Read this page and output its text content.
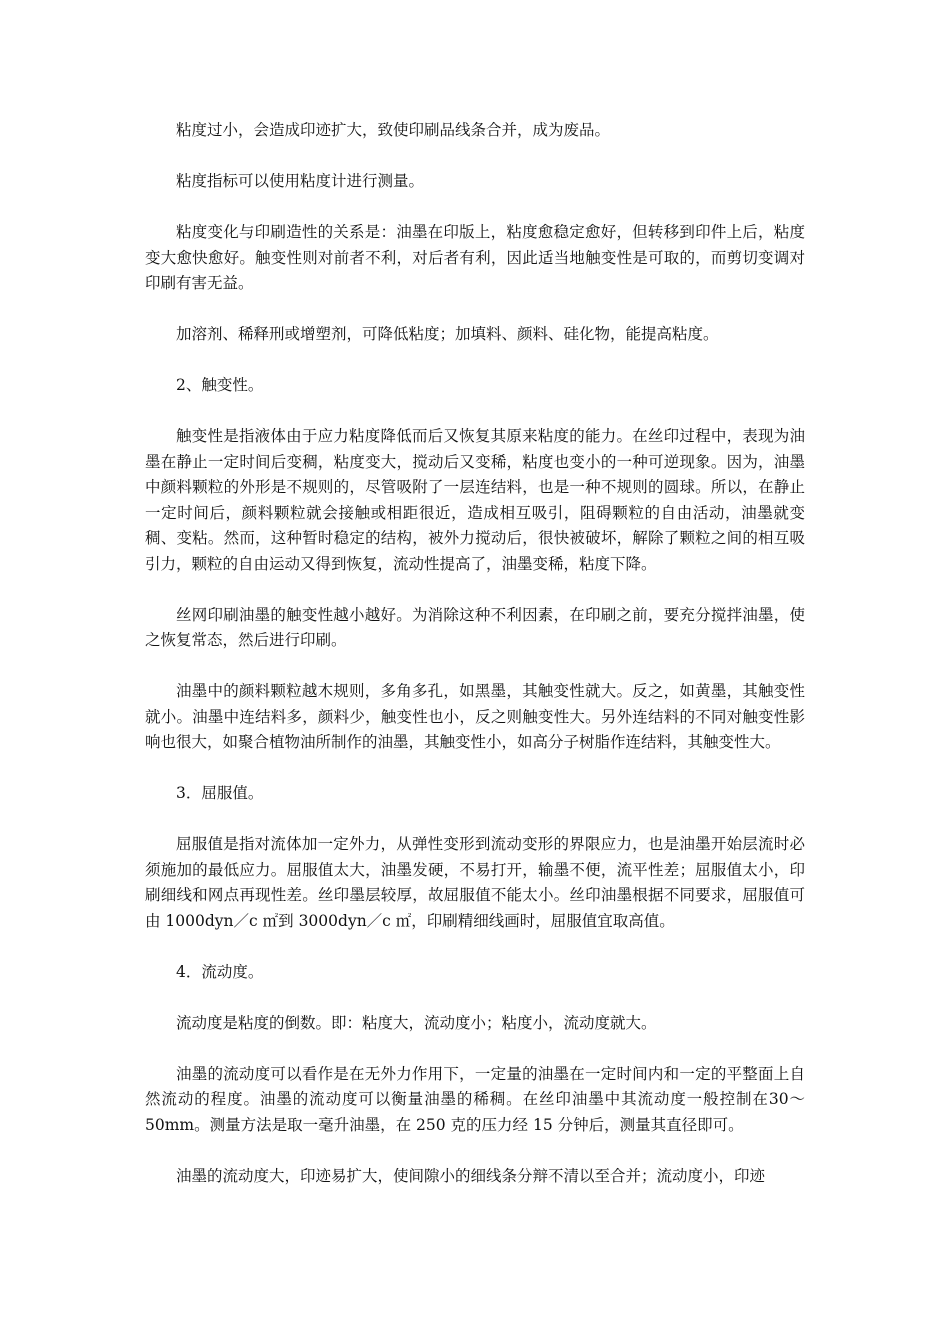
粘度过小，会造成印迹扩大，致使印刷品线条合并，成为废品。

粘度指标可以使用粘度计进行测量。

粘度变化与印刷造性的关系是：油墨在印版上，粘度愈稳定愈好，但转移到印件上后，粘度变大愈快愈好。触变性则对前者不利，对后者有利，因此适当地触变性是可取的，而剪切变调对印刷有害无益。

加溶剂、稀释刑或增塑剂，可降低粘度；加填料、颜料、硅化物，能提高粘度。

2、触变性。

触变性是指液体由于应力粘度降低而后又恢复其原来粘度的能力。在丝印过程中，表现为油墨在静止一定时间后变稠，粘度变大，搅动后又变稀，粘度也变小的一种可逆现象。因为，油墨中颜料颗粒的外形是不规则的，尽管吸附了一层连结料，也是一种不规则的圆球。所以，在静止一定时间后，颜料颗粒就会接触或相距很近，造成相互吸引，阻碍颗粒的自由活动，油墨就变稠、变粘。然而，这种暂时稳定的结构，被外力搅动后，很快被破坏，解除了颗粒之间的相互吸引力，颗粒的自由运动又得到恢复，流动性提高了，油墨变稀，粘度下降。

丝网印刷油墨的触变性越小越好。为消除这种不利因素，在印刷之前，要充分搅拌油墨，使之恢复常态，然后进行印刷。

油墨中的颜料颗粒越木规则，多角多孔，如黑墨，其触变性就大。反之，如黄墨，其触变性就小。油墨中连结料多，颜料少，触变性也小，反之则触变性大。另外连结料的不同对触变性影响也很大，如聚合植物油所制作的油墨，其触变性小，如高分子树脂作连结料，其触变性大。

3．屈服值。

屈服值是指对流体加一定外力，从弹性变形到流动变形的界限应力，也是油墨开始层流时必须施加的最低应力。屈服值太大，油墨发硬，不易打开，输墨不便，流平性差；屈服值太小，印刷细线和网点再现性差。丝印墨层较厚，故屈服值不能太小。丝印油墨根据不同要求，屈服值可由 1000dyn／c ㎡到 3000dyn／c ㎡，印刷精细线画时，屈服值宜取高值。

4．流动度。

流动度是粘度的倒数。即：粘度大，流动度小；粘度小，流动度就大。

油墨的流动度可以看作是在无外力作用下，一定量的油墨在一定时间内和一定的平整面上自然流动的程度。油墨的流动度可以衡量油墨的稀稠。在丝印油墨中其流动度一般控制在30～50mm。测量方法是取一毫升油墨，在 250 克的压力经 15 分钟后，测量其直径即可。

油墨的流动度大，印迹易扩大，使间隙小的细线条分辩不清以至合并；流动度小，印迹
